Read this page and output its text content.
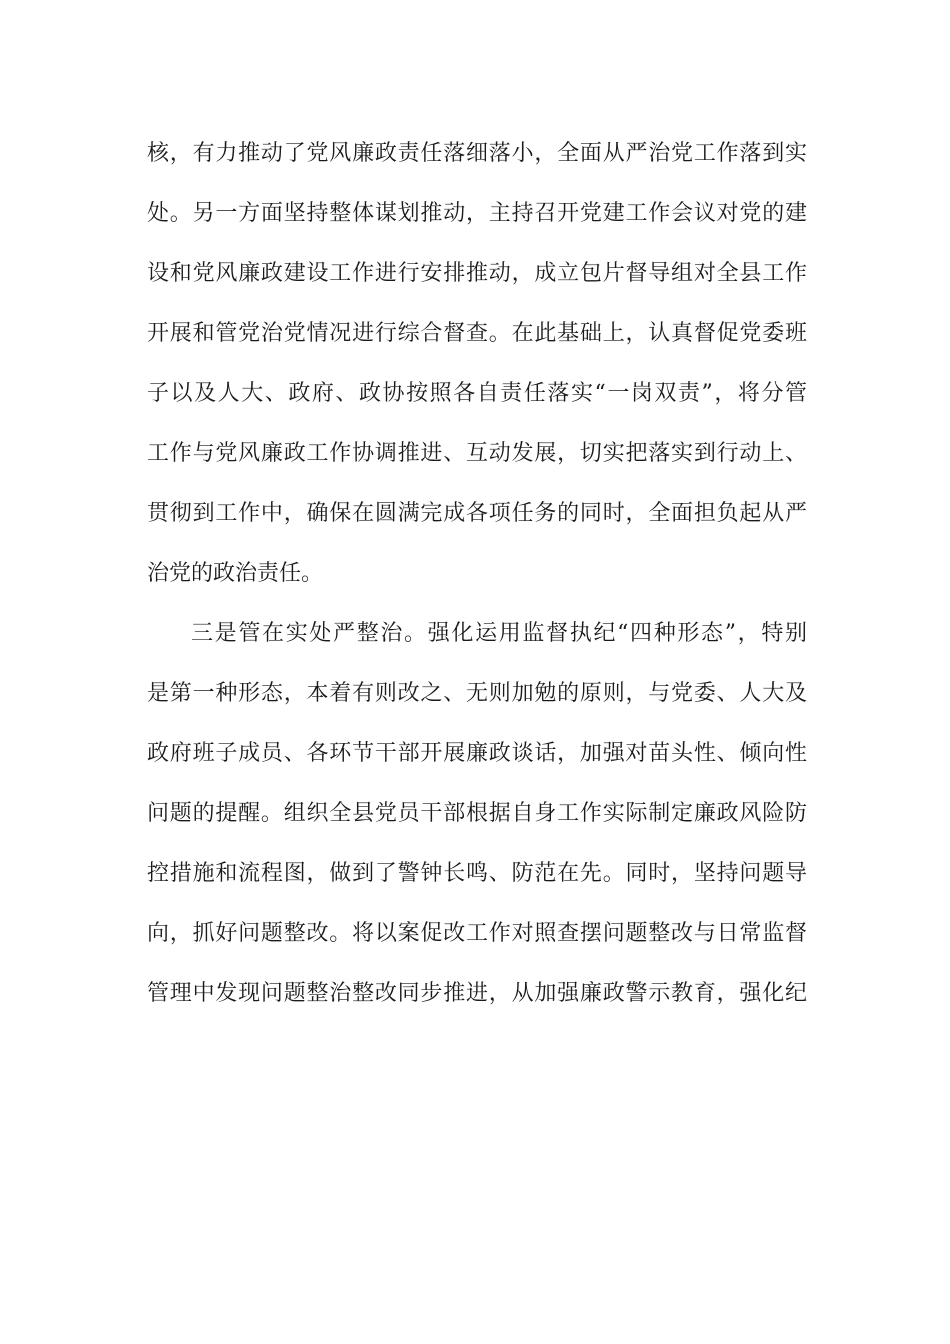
核，有力推动了党风廉政责任落细落小，全面从严治党工作落到实
处。另一方面坚持整体谋划推动，主持召开党建工作会议对党的建
设和党风廉政建设工作进行安排推动，成立包片督导组对全县工作
开展和管党治党情况进行综合督查。在此基础上，认真督促党委班
子以及人大、政府、政协按照各自责任落实“一岗双责”，将分管
工作与党风廉政工作协调推进、互动发展，切实把落实到行动上、
贯彻到工作中，确保在圆满完成各项任务的同时，全面担负起从严
治党的政治责任。
三是管在实处严整治。强化运用监督执纪“四种形态”，特别
是第一种形态，本着有则改之、无则加勉的原则，与党委、人大及
政府班子成员、各环节干部开展廉政谈话，加强对苗头性、倾向性
问题的提醒。组织全县党员干部根据自身工作实际制定廉政风险防
控措施和流程图，做到了警钟长鸣、防范在先。同时，坚持问题导
向，抓好问题整改。将以案促改工作对照查摆问题整改与日常监督
管理中发现问题整治整改同步推进，从加强廉政警示教育，强化纪
